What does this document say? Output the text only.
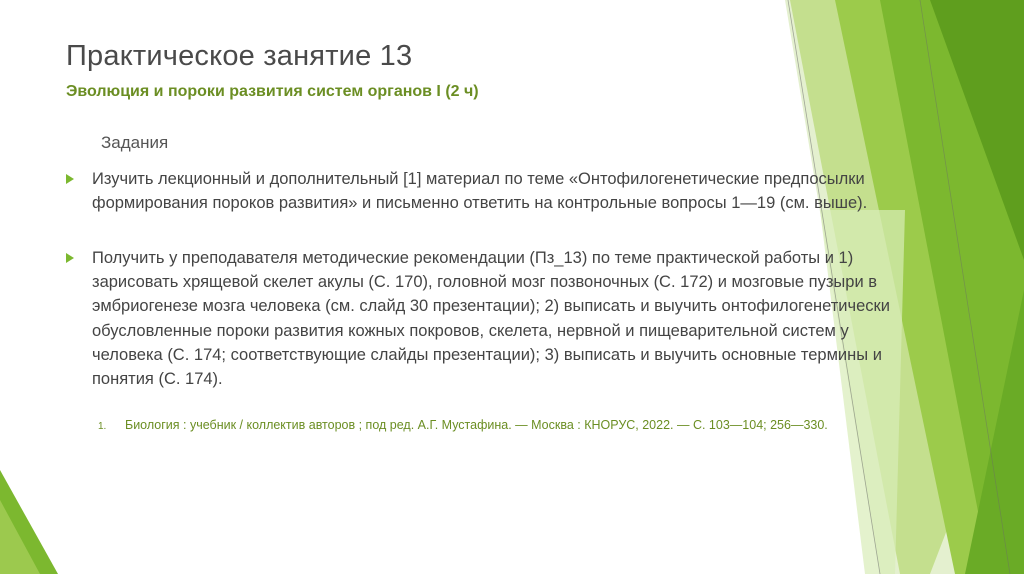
Практическое занятие 13
Эволюция и пороки развития систем органов I (2 ч)
Задания
Изучить лекционный и дополнительный [1] материал по теме «Онтофилогенетические предпосылки формирования пороков развития» и письменно ответить на контрольные вопросы 1—19 (см. выше).
Получить у преподавателя методические рекомендации (Пз_13) по теме практической работы и 1) зарисовать хрящевой скелет акулы (С. 170), головной мозг позвоночных (С. 172) и мозговые пузыри в эмбриогенезе мозга человека (см. слайд 30 презентации); 2) выписать и выучить онтофилогенетически обусловленные пороки развития кожных покровов, скелета, нервной и пищеварительной систем у человека (С. 174; соответствующие слайды презентации); 3) выписать и выучить основные термины и понятия (С. 174).
1. Биология : учебник / коллектив авторов ; под ред. А.Г. Мустафина. — Москва : КНОРУС, 2022. — С. 103—104; 256—330.
